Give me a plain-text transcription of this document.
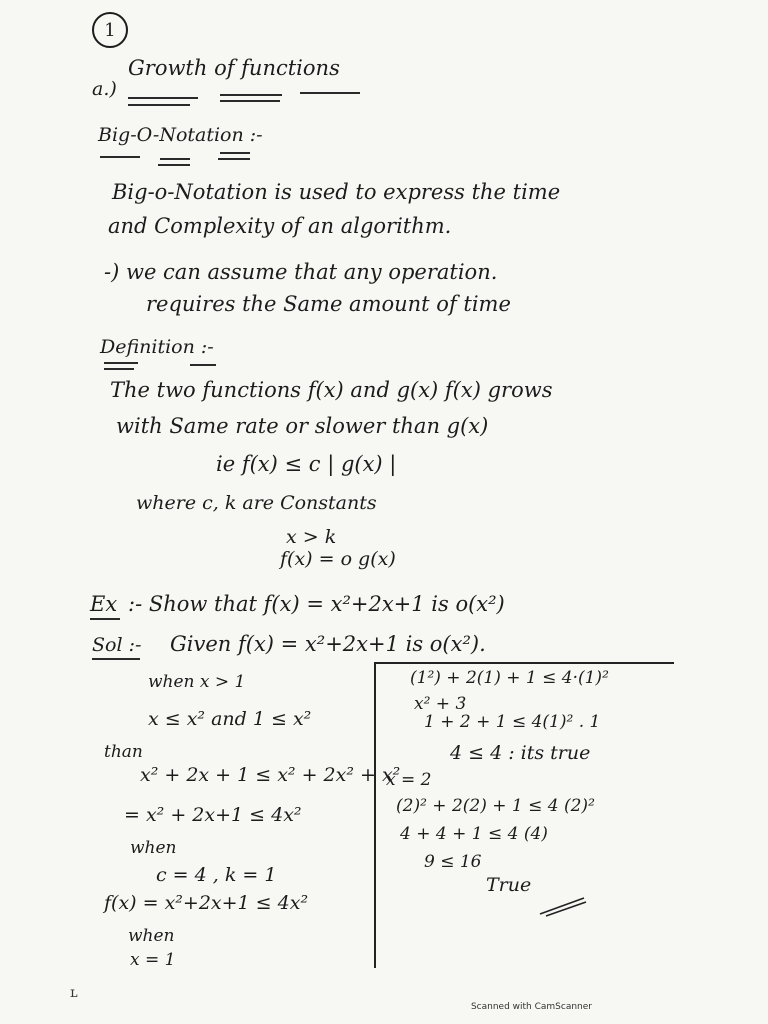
1
a.)
Growth of functions
Big-O-Notation :-
Big-o-Notation is used to express the time
and Complexity of an algorithm.
-) we can assume that any operation.
requires the Same amount of time
Definition :-
The two functions f(x) and g(x) f(x) grows
with Same rate or slower than g(x)
ie f(x) ≤ c | g(x) |
where c, k are Constants
x > k
f(x) = o g(x)
Ex :- Show that f(x) = x²+2x+1 is o(x²)
Sol :- Given f(x) = x²+2x+1 is o(x²).
when x > 1
x ≤ x² and 1 ≤ x²
than
x² + 2x + 1 ≤ x² + 2x² + x²
= x² + 2x+1 ≤ 4x²
when
c = 4 , k = 1
f(x) = x²+2x+1 ≤ 4x²
when
x = 1
(1²) + 2(1) + 1 ≤ 4·(1)²
x² + 3
1 + 2 + 1 ≤ 4(1)² . 1
4 ≤ 4 : its true
x = 2
(2)² + 2(2) + 1 ≤ 4 (2)²
4 + 4 + 1 ≤ 4 (4)
9 ≤ 16
True
ʟ
Scanned with CamScanner
